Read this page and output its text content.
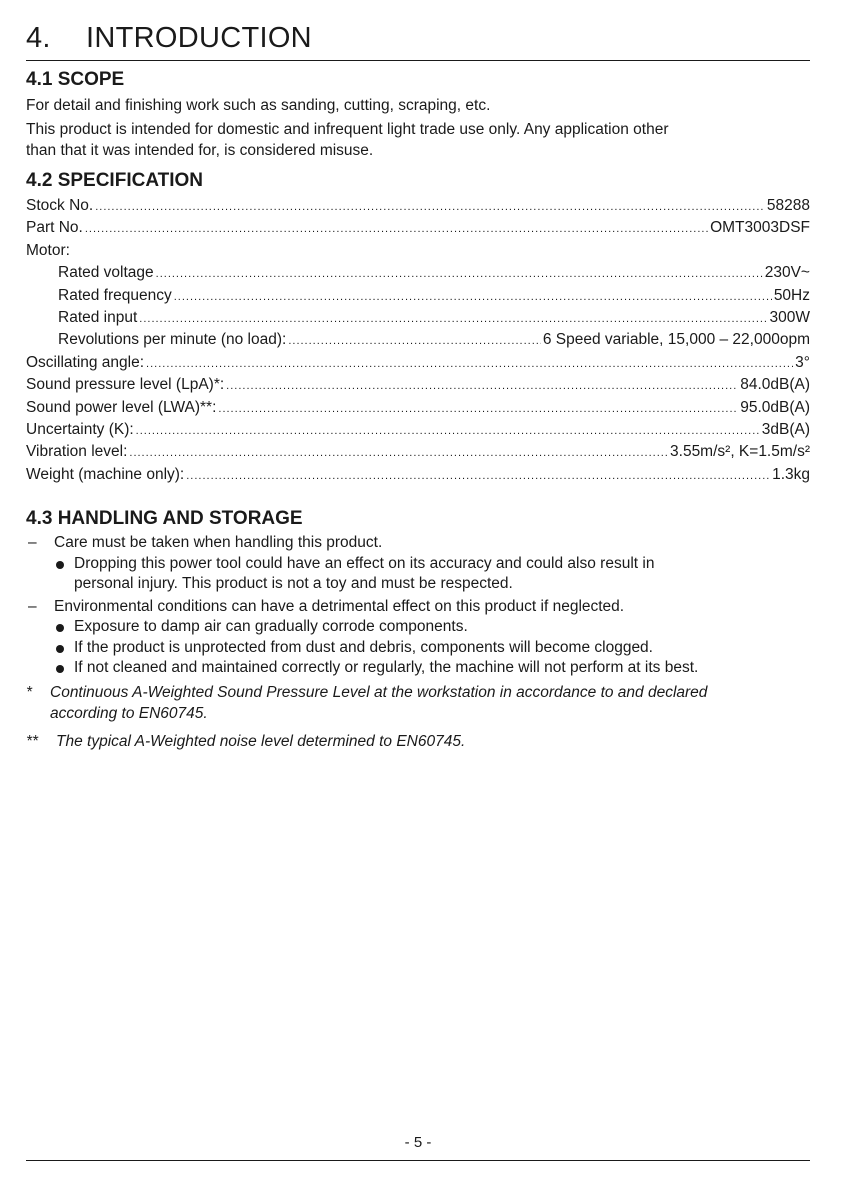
4. INTRODUCTION
4.1 SCOPE
For detail and finishing work such as sanding, cutting, scraping, etc.
This product is intended for domestic and infrequent light trade use only. Any application other
than that it was intended for, is considered misuse.
4.2 SPECIFICATION
Stock No. .....	58288
Part No. .....	OMT3003DSF
Motor:
Rated voltage .....	230V~
Rated frequency .....	50Hz
Rated input .....	300W
Revolutions per minute (no load): .....	6 Speed variable, 15,000 – 22,000opm
Oscillating angle: .....	3°
Sound pressure level (LpA)*: .....	84.0dB(A)
Sound power level (LWA)**: .....	95.0dB(A)
Uncertainty (K): .....	3dB(A)
Vibration level: .....	3.55m/s², K=1.5m/s²
Weight (machine only): .....	1.3kg
4.3 HANDLING AND STORAGE
– Care must be taken when handling this product.
Dropping this power tool could have an effect on its accuracy and could also result in
personal injury. This product is not a toy and must be respected.
– Environmental conditions can have a detrimental effect on this product if neglected.
Exposure to damp air can gradually corrode components.
If the product is unprotected from dust and debris, components will become clogged.
If not cleaned and maintained correctly or regularly, the machine will not perform at its best.
* Continuous A-Weighted Sound Pressure Level at the workstation in accordance to and declared
according to EN60745.
** The typical A-Weighted noise level determined to EN60745.
- 5 -
